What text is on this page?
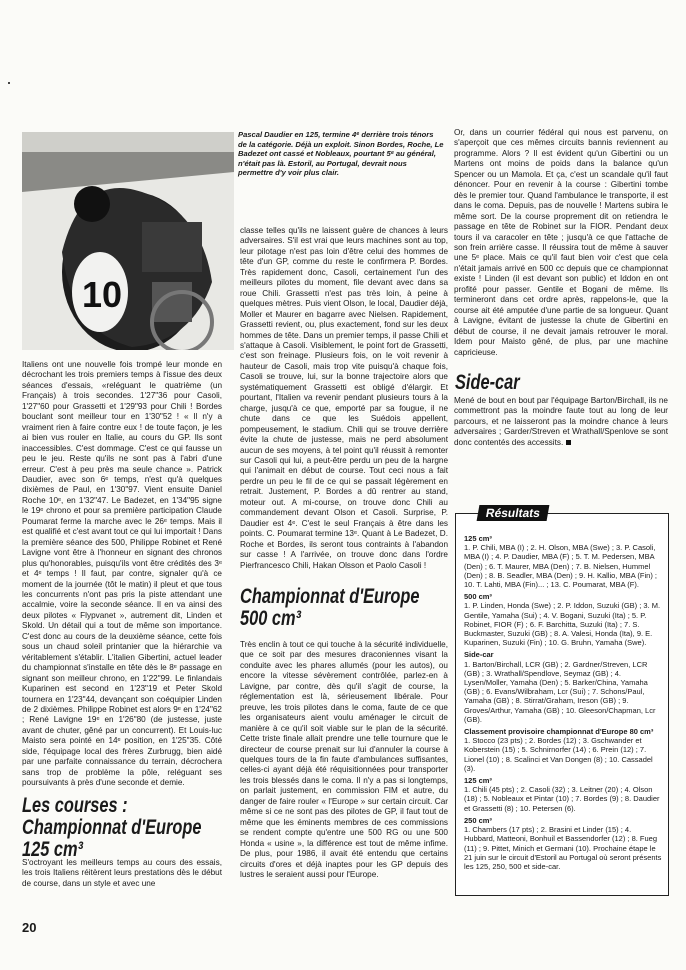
10
Pascal Daudier en 125, termine 4ᵉ derrière trois ténors de la catégorie. Déjà un exploit. Sinon Bordes, Roche, Le Badezet ont cassé et Nobleaux, pourtant 5ᵉ au général, n'était pas là. Estoril, au Portugal, devrait nous permettre d'y voir plus clair.
Italiens ont une nouvelle fois trompé leur monde en décrochant les trois premiers temps à l'issue des deux séances d'essais, «reléguant le quatrième (un Français) à trois secondes. 1'27"36 pour Casoli, 1'27"60 pour Grassetti et 1'29"93 pour Chili ! Bordes bouclant sont meilleur tour en 1'30"52 ! « Il n'y a vraiment rien à faire contre eux ! de toute façon, je les ai bien vus rouler en Italie, au cours du GP. Ils sont inaccessibles. C'est dommage. C'est ce qui fausse un peu le jeu. Reste qu'ils ne sont pas à l'abri d'une erreur. C'est à peu près ma seule chance ». Patrick Daudier, avec son 6ᵉ temps, n'est qu'à quelques dixièmes de Paul, en 1'30"97. Vient ensuite Daniel Roche 10ᵉ, en 1'32"47. Le Badezet, en 1'34"95 signe le 19ᵉ chrono et pour sa première participation Claude Poumarat ferme la marche avec le 26ᵉ temps. Mais il est qualifié et c'est avant tout ce qui lui importait ! Dans la première séance des 500, Philippe Robinet et René Lavigne vont être à l'honneur en signant des chronos plus qu'honorables, puisqu'ils vont être crédités des 3ᵉ et 4ᵉ temps ! Il faut, par contre, signaler qu'à ce moment de la journée (tôt le matin) il pleut et que tous les concurrents n'ont pas pris la piste attendant une accalmie, voire la seconde séance. Il en va ainsi des deux pilotes « Flypvanet », autrement dit, Linden et Skold. Un détail qui a tout de même son importance. C'est donc au cours de la deuxième séance, cette fois sous un chaud soleil printanier que la hiérarchie va véritablement s'établir. L'italien Gibertini, actuel leader du championnat s'installe en tête dès le 8ᵉ passage en signant son meilleur chrono, en 1'22"99. Le finlandais Kuparinen est second en 1'23"19 et Peter Skold tournera en 1'23"44, devançant son coéquipier Linden de 2 dixièmes. Philippe Robinet est alors 9ᵉ en 1'24"62 ; René Lavigne 19ᵉ en 1'26"80 (de justesse, juste avant de chuter, gêné par un concurrent). Et Louis-luc Maisto sera pointé en 14ᵉ position, en 1'25"35. Côté side, l'équipage local des frères Zurbrugg, bien aidé par une parfaite connaissance du terrain, décrochera sans trop de problème la pôle, reléguant ses poursuivants à près d'une seconde et demie.
Les courses :
Championnat d'Europe
125 cm³
S'octroyant les meilleurs temps au cours des essais, les trois Italiens réitèrent leurs prestations dès le début de course, dans un style et avec une
classe telles qu'ils ne laissent guère de chances à leurs adversaires. S'il est vrai que leurs machines sont au top, leur pilotage n'est pas loin d'être celui des hommes de tête d'un GP, comme du reste le confirmera P. Bordes. Très rapidement donc, Casoli, certainement l'un des meilleurs pilotes du moment, file devant avec dans sa roue Chili. Grassetti n'est pas très loin, à peine à quelques mètres. Puis vient Olson, le local, Daudier déjà, Moller et Maurer en bagarre avec Nielsen. Rapidement, Grassetti revient, ou, plus exactement, fond sur les deux hommes de tête. Dans un premier temps, il passe Chili et s'attaque à Casoli. Visiblement, le point fort de Grassetti, c'est son freinage. Plusieurs fois, on le voit revenir à hauteur de Casoli, mais trop vite puisqu'à chaque fois, Casoli se trouve, lui, sur la bonne trajectoire alors que systématiquement Grassetti est obligé d'élargir. Et pourtant, l'Italien va revenir pendant plusieurs tours à la charge, jusqu'à ce que, emporté par sa fougue, il ne chute dans ce que les Suédois appellent, pompeusement, le stadium. Chili qui se trouve derrière évite la chute de justesse, mais ne perd absolument aucun de ses moyens, à tel point qu'il réussit à remonter sur Casoli qui lui, a peut-être perdu un peu de la hargne qui l'animait en début de course. Tout ceci nous a fait perdre un peu le fil de ce qui se passait légèrement en retrait. Justement, P. Bordes a dû rentrer au stand, moteur out. A mi-course, on trouve donc Chili au commandement devant Olson et Casoli. Surprise, P. Daudier est 4ᵉ. C'est le seul Français à être dans les points. C. Poumarat termine 13ᵉ. Quant à Le Badezet, D. Roche et Bordes, ils seront tous contraints à l'abandon sur casse ! A l'arrivée, on trouve donc dans l'ordre Pierfrancesco Chili, Hakan Olsson et Paolo Casoli !
Championnat d'Europe
500 cm³
Très enclin à tout ce qui touche à la sécurité individuelle, que ce soit par des mesures draconiennes visant la conduite avec les phares allumés (pour les autos), ou encore la vitesse sévèrement contrôlée, parlez-en à Lavigne, par contre, dès qu'il s'agit de course, la réglementation est là, sérieusement libérale. Pour preuve, les trois pilotes dans le coma, faute de ce que les organisateurs aient voulu aménager le circuit de manière à ce qu'il soit viable sur le plan de la sécurité. Cette triste finale allait prendre une telle tournure que le directeur de course prenait sur lui d'annuler la course à quelques tours de la fin faute d'ambulances suffisantes, celles-ci ayant déjà été réquisitionnées pour transporter les trois blessés dans le coma. Il n'y a pas si longtemps, on parlait justement, en commission FIM et autre, du danger de faire rouler « l'Europe » sur certain circuit. Car même si ce ne sont pas des pilotes de GP, il faut tout de même que les éminents membres de ces commissions se rendent compte qu'entre une 500 RG ou une 500 Honda « usine », la différence est tout de même infime. De plus, pour 1986, il avait été entendu que certains circuits d'ores et déjà inaptes pour les GP depuis des lustres le seraient aussi pour l'Europe.
Or, dans un courrier fédéral qui nous est parvenu, on s'aperçoit que ces mêmes circuits bannis reviennent au programme. Alors ? Il est évident qu'un Gibertini ou un Martens ont moins de poids dans la balance qu'un Spencer ou un Mamola. Et ça, c'est un scandale qu'il faut dénoncer. Pour en revenir à la course : Gibertini tombe dès le premier tour. Quand l'ambulance le transporte, il est dans le coma. Depuis, pas de nouvelle ! Martens subira le même sort. De la course proprement dit on retiendra le passage en tête de Robinet sur la FIOR. Pendant deux tours il va caracoler en tête ; jusqu'à ce que l'attache de son frein arrière casse. Il réussira tout de même à sauver une 5ᵉ place. Mais ce qu'il faut bien voir c'est que cela n'était jamais arrivé en 500 cc depuis que ce championnat existe ! Linden (il est devant son public) et Iddon en ont profité pour passer. Gentile et Bogani de même. Ils termineront dans cet ordre après, rappelons-le, que la course ait été amputée d'une partie de sa longueur. Quant à Lavigne, évitant de justesse la chute de Gibertini en début de course, il ne devait jamais retrouver le moral. Idem pour Maisto gêné, de plus, par une machine capricieuse.
Side-car
Mené de bout en bout par l'équipage Barton/Birchall, ils ne commettront pas la moindre faute tout au long de leur parcours, et ne laisseront pas la moindre chance à leurs adversaires ; Garder/Streven et Wrathall/Spenlove se sont donc contentés des accessits.
Résultats
125 cm³

1. P. Chili, MBA (I) ; 2. H. Olson, MBA (Swe) ; 3. P. Casoli, MBA (I) ; 4. P. Daudier, MBA (F) ; 5. T. M. Pedersen, MBA (Den) ; 6. T. Maurer, MBA (Den) ; 7. B. Nielsen, Hummel (Den) ; 8. B. Seadler, MBA (Den) ; 9. H. Kallio, MBA (Fin) ; 10. T. Lahti, MBA (Fin)... ; 13. C. Poumarat, MBA (F).

500 cm³

1. P. Linden, Honda (Swe) ; 2. P. Iddon, Suzuki (GB) ; 3. M. Gentile, Yamaha (Sui) ; 4. V. Bogani, Suzuki (Ita) ; 5. P. Robinet, FIOR (F) ; 6. F. Barchitta, Suzuki (Ita) ; 7. S. Buckmaster, Suzuki (GB) ; 8. A. Valesi, Honda (Ita), 9. E. Kuparinen, Suzuki (Fin) ; 10. G. Bruhn, Yamaha (Swe).

Side-car

1. Barton/Birchall, LCR (GB) ; 2. Gardner/Streven, LCR (GB) ; 3. Wrathall/Spendlove, Seymaz (GB) ; 4. Lysen/Moller, Yamaha (Den) ; 5. Barker/China, Yamaha (GB) ; 6. Evans/Wilbraham, Lcr (Sui) ; 7. Schons/Paul, Yamaha (GB) ; 8. Stirrat/Graham, Ireson (GB) ; 9. Groves/Arthur, Yamaha (GB) ; 10. Gleeson/Chapman, Lcr (GB).

Classement provisoire championnat d'Europe 80 cm³

1. Stocco (23 pts) ; 2. Bordes (12) ; 3. Gschwander et Koberstein (15) ; 5. Schnirnorfer (14) ; 6. Prein (12) ; 7. Lionel (10) ; 8. Scalinci et Van Dongen (8) ; 10. Cassadel (3).

125 cm³

1. Chili (45 pts) ; 2. Casoli (32) ; 3. Leitner (20) ; 4. Olson (18) ; 5. Nobleaux et Pintar (10) ; 7. Bordes (9) ; 8. Daudier et Grassetti (8) ; 10. Petersen (6).

250 cm³

1. Chambers (17 pts) ; 2. Brasini et Linder (15) ; 4. Hubbard, Matteoni, Bonhuil et Bassendorfer (12) ; 8. Fueg (11) ; 9. Pittet, Minich et Germani (10). Prochaine étape le 21 juin sur le circuit d'Estoril au Portugal où seront présents les 125, 250, 500 et side-car.

20
